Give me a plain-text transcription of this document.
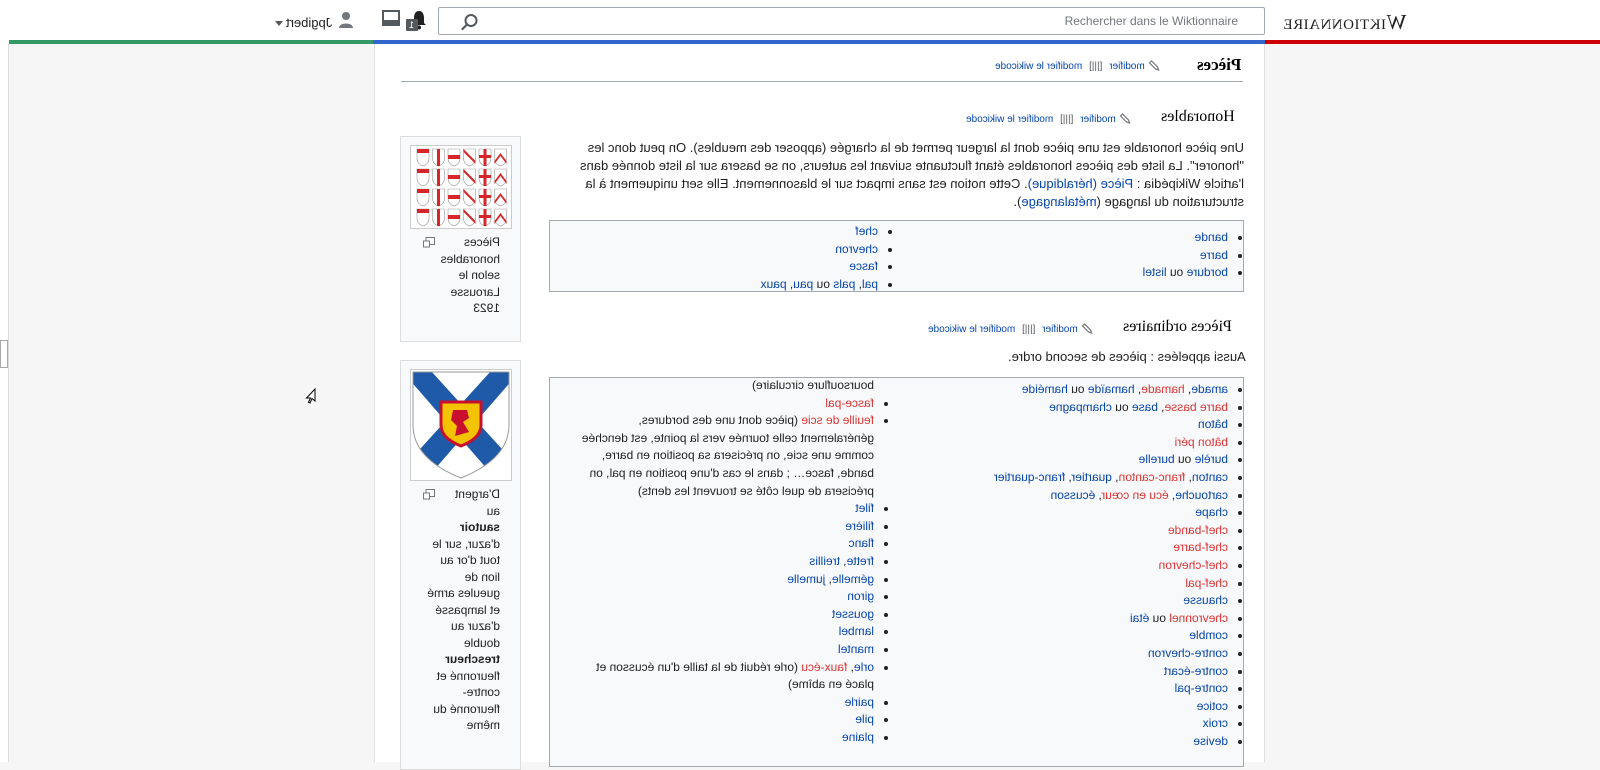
Wiktionnaire
Rechercher dans le Wiktionnaire
1
Jpgibert
Pièces
modifier [|||] modifier le wikicode
Honorables
modifier [|||] modifier le wikicode
Une pièce honorable est une pièce dont la largeur permet de la chargée (apposer des meubles). On peut donc les
"honorer". La liste des pièces honorables étant fluctuante suivant les auteurs, on se basera sur la liste donnée dans
l'article Wikipédia : Pièce (héraldique). Cette notion est sans impact sur le blasonnement. Elle sert uniquement à la
structuration du langage (métalangage).
• chef
• chevron
• fasce
• pal, pals ou pau, paux
• bande
• barre
• bordure ou listel
Pièces ordinaires
modifier [|||] modifier le wikicode
Aussi appelées : pièces de second ordre.
boursouflure circulaire)
• fasce-pal
• feuille de scie (pièce dont une des bordures,
généralement celle tournée vers la pointe, est denchée
comme une scie, on précisera sa position en barre,
bande, fasce… ; dans le cas d'une position en pal, on
précisera de quel côté se trouvent les dents)
• filet
• filière
• flanc
• frette, treillis
• gémelle, jumelle
• giron
• gousset
• lambel
• mantel
• orle, faux-écu (orle réduit de la taille d'un écusson et
placé en abîme)
• pairle
• pile
• plaine
• amade, hamade, hamaïde ou haméide
• barre basse, base ou champagne
• bâton
• bâton péri
• burèle ou burelle
• canton, franc-canton, quartier, franc-quartier
• cartouche, écu en cœur, écusson
• chape
• chef-bande
• chef-barre
• chef-chevron
• chef-pal
• chausse
• chevronnel ou étai
• comble
• contre-chevron
• contre-écart
• contre-pal
• cotice
• croix
• devise
Pièces
honorables
selon le
Larousse
1923
D'argent
au
sautoir
d'azur, sur le
tout d'or au
lion de
gueules armé
et lampassé
d'azur au
double
trescheur
fleuronné et
contre-
fleuronné du
même
